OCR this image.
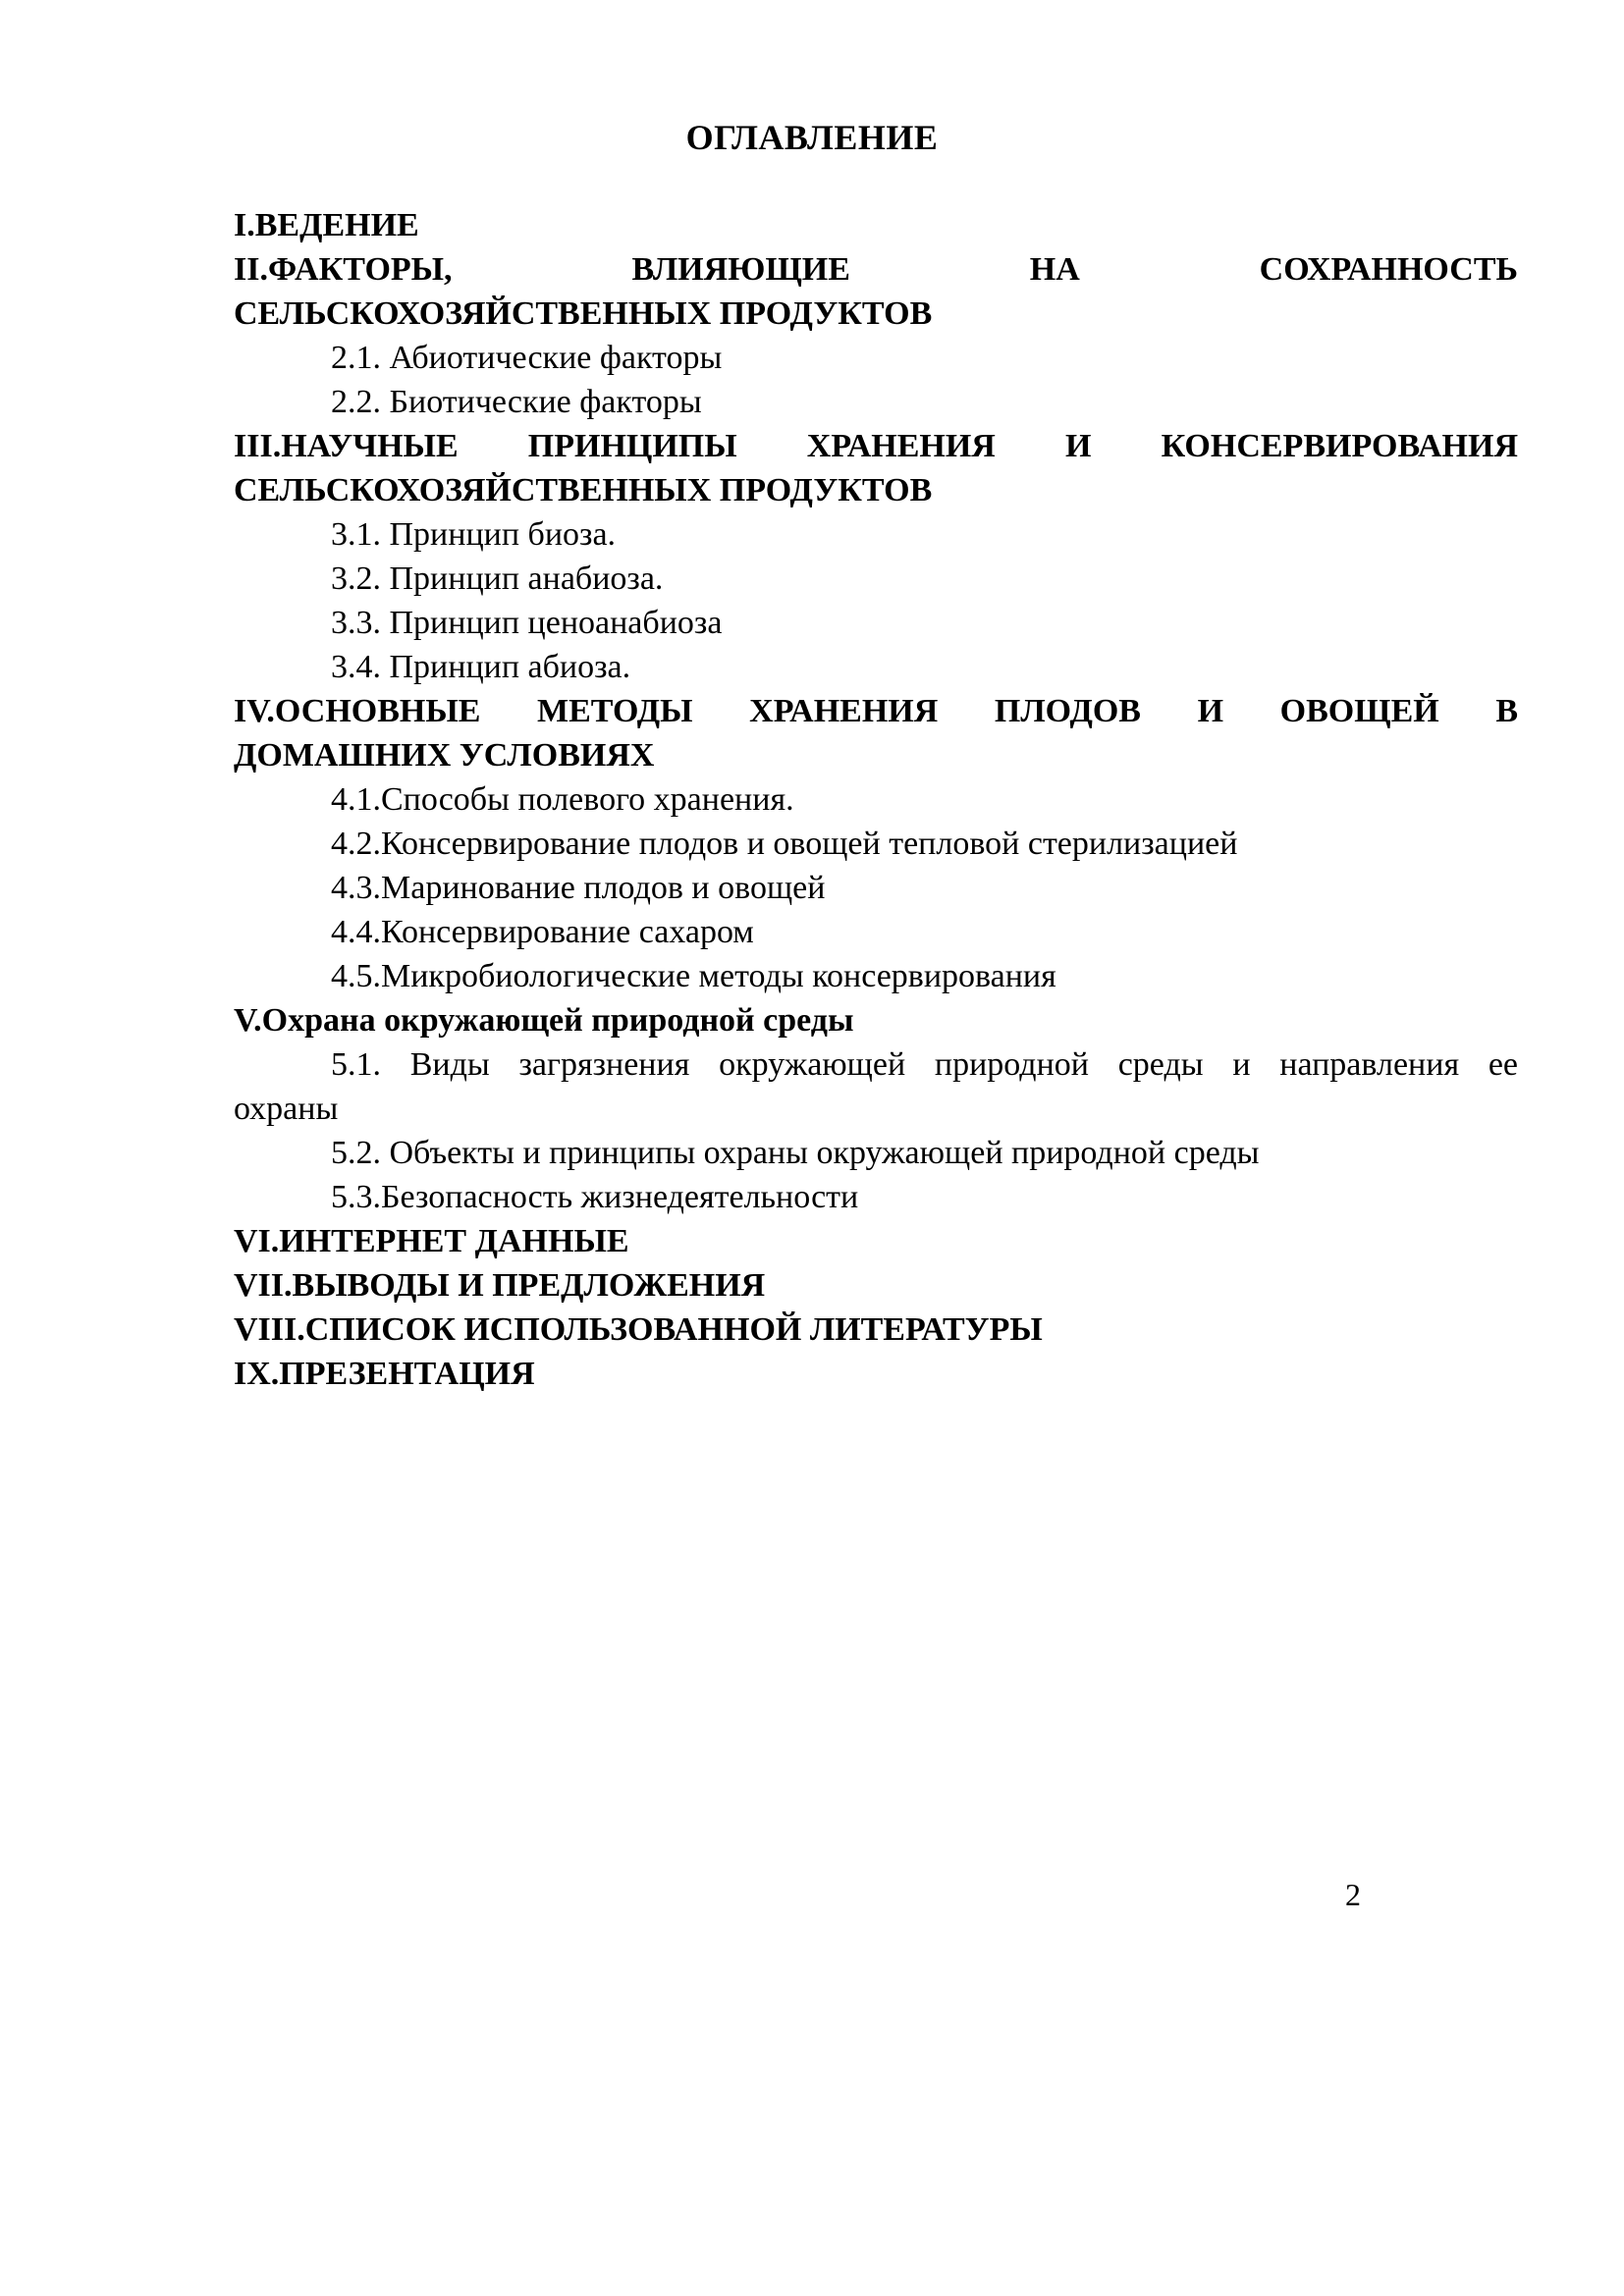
ОГЛАВЛЕНИЕ
I.ВЕДЕНИЕ
II.ФАКТОРЫ, ВЛИЯЮЩИЕ НА СОХРАННОСТЬ
СЕЛЬСКОХОЗЯЙСТВЕННЫХ ПРОДУКТОВ
2.1. Абиотические факторы
2.2. Биотические факторы
III.НАУЧНЫЕ ПРИНЦИПЫ ХРАНЕНИЯ И КОНСЕРВИРОВАНИЯ
СЕЛЬСКОХОЗЯЙСТВЕННЫХ ПРОДУКТОВ
3.1. Принцип биоза.
3.2. Принцип анабиоза.
3.3. Принцип ценоанабиоза
3.4. Принцип абиоза.
IV.ОСНОВНЫЕ МЕТОДЫ ХРАНЕНИЯ ПЛОДОВ И ОВОЩЕЙ В
ДОМАШНИХ УСЛОВИЯХ
4.1.Способы полевого хранения.
4.2.Консервирование плодов и овощей тепловой стерилизацией
4.3.Маринование плодов и овощей
4.4.Консервирование сахаром
4.5.Микробиологические методы консервирования
V.Охрана окружающей природной среды
5.1. Виды загрязнения окружающей природной среды и направления ее
охраны
5.2. Объекты и принципы охраны окружающей природной среды
5.3.Безопасность жизнедеятельности
VI.ИНТЕРНЕТ ДАННЫЕ
VII.ВЫВОДЫ И ПРЕДЛОЖЕНИЯ
VIII.СПИСОК ИСПОЛЬЗОВАННОЙ ЛИТЕРАТУРЫ
IX.ПРЕЗЕНТАЦИЯ
2
